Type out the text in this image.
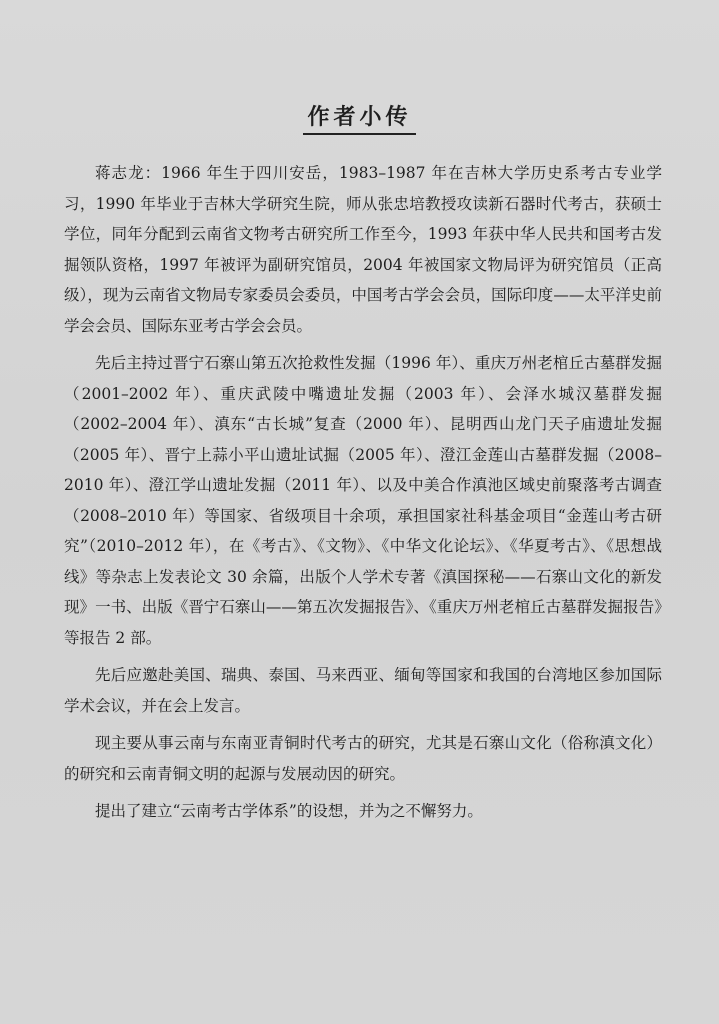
作者小传

蒋志龙：1966 年生于四川安岳，1983–1987 年在吉林大学历史系考古专业学习，1990 年毕业于吉林大学研究生院，师从张忠培教授攻读新石器时代考古，获硕士学位，同年分配到云南省文物考古研究所工作至今，1993 年获中华人民共和国考古发掘领队资格，1997 年被评为副研究馆员，2004 年被国家文物局评为研究馆员（正高级），现为云南省文物局专家委员会委员，中国考古学会会员，国际印度——太平洋史前学会会员、国际东亚考古学会会员。

先后主持过晋宁石寨山第五次抢救性发掘（1996 年）、重庆万州老棺丘古墓群发掘（2001–2002 年）、重庆武陵中嘴遗址发掘（2003 年）、会泽水城汉墓群发掘（2002–2004 年）、滇东“古长城”复查（2000 年）、昆明西山龙门天子庙遗址发掘（2005 年）、晋宁上蒜小平山遗址试掘（2005 年）、澄江金莲山古墓群发掘（2008–2010 年）、澄江学山遗址发掘（2011 年）、以及中美合作滇池区域史前聚落考古调查（2008–2010 年）等国家、省级项目十余项，承担国家社科基金项目“金莲山考古研究”（2010–2012 年），在《考古》、《文物》、《中华文化论坛》、《华夏考古》、《思想战线》等杂志上发表论文 30 余篇，出版个人学术专著《滇国探秘——石寨山文化的新发现》一书、出版《晋宁石寨山——第五次发掘报告》、《重庆万州老棺丘古墓群发掘报告》等报告 2 部。

先后应邀赴美国、瑞典、泰国、马来西亚、缅甸等国家和我国的台湾地区参加国际学术会议，并在会上发言。

现主要从事云南与东南亚青铜时代考古的研究，尤其是石寨山文化（俗称滇文化）的研究和云南青铜文明的起源与发展动因的研究。

提出了建立“云南考古学体系”的设想，并为之不懈努力。
